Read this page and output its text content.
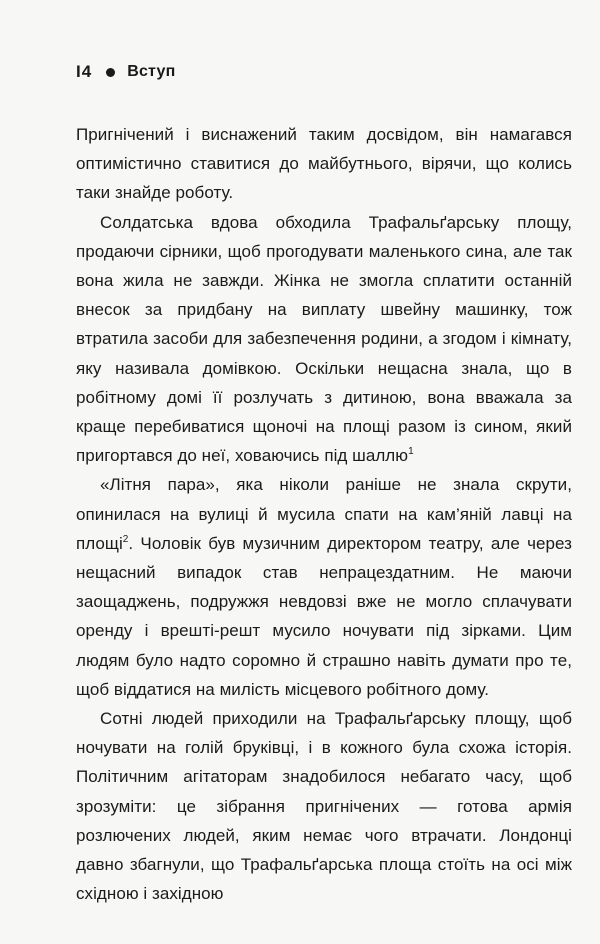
I4 Вступ

Пригнічений і виснажений таким досвідом, він намагався оптимістично ставитися до майбутнього, вірячи, що колись таки знайде роботу.

Солдатська вдова обходила Трафальґарську площу, продаючи сірники, щоб прогодувати маленького сина, але так вона жила не завжди. Жінка не змогла сплатити останній внесок за придбану на виплату швейну машинку, тож втратила засоби для забезпечення родини, а згодом і кімнату, яку називала домівкою. Оскільки нещасна знала, що в робітному домі її розлучать з дитиною, вона вважала за краще перебиватися щоночі на площі разом із сином, який пригортався до неї, ховаючись під шаллю$^1$

«Літня пара», яка ніколи раніше не знала скрути, опинилася на вулиці й мусила спати на кам’яній лавці на площі$^2$. Чоловік був музичним директором театру, але через нещасний випадок став непрацездатним. Не маючи заощаджень, подружжя невдовзі вже не могло сплачувати оренду і врешті-решт мусило ночувати під зірками. Цим людям було надто соромно й страшно навіть думати про те, щоб віддатися на милість місцевого робітного дому.

Сотні людей приходили на Трафальґарську площу, щоб ночувати на голій бруківці, і в кожного була схожа історія. Політичним агітаторам знадобилося небагато часу, щоб зрозуміти: це зібрання пригнічених — готова армія розлючених людей, яким немає чого втрачати. Лондонці давно збагнули, що Трафальґарська площа стоїть на осі між східною і західною
